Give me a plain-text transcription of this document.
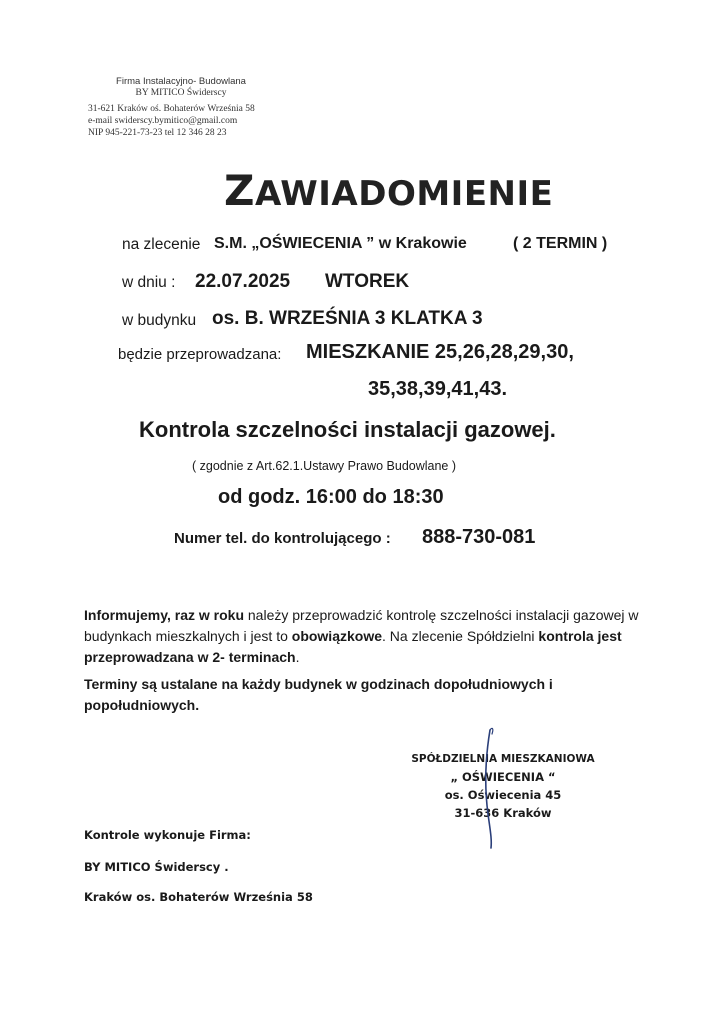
Firma Instalacyjno- Budowlana
BY MITICO Świderscy
31-621 Kraków oś. Bohaterów Września 58
e-mail swiderscy.bymitico@gmail.com
NIP 945-221-73-23 tel 12 346 28 23
ZAWIADOMIENIE
na zlecenie S.M. „OŚWIECENIA ” w Krakowie	( 2 TERMIN )
w dniu : 22.07.2025 WTOREK
w budynku os. B. WRZEŚNIA 3 KLATKA 3
będzie przeprowadzana: MIESZKANIE 25,26,28,29,30,
35,38,39,41,43.
Kontrola szczelności instalacji gazowej.
( zgodnie z Art.62.1.Ustawy Prawo Budowlane )
od godz. 16:00 do 18:30
Numer tel. do kontrolującego : 888-730-081
Informujemy, raz w roku należy przeprowadzić kontrolę szczelności instalacji gazowej w budynkach mieszkalnych i jest to obowiązkowe. Na zlecenie Spółdzielni kontrola jest przeprowadzana w 2- terminach.
Terminy są ustalane na każdy budynek w godzinach dopołudniowych i popołudniowych.
SPÓŁDZIELNIA MIESZKANIOWA
„ OŚWIECENIA “
os. Oświecenia 45
31-636 Kraków
Kontrole wykonuje Firma:
BY MITICO Świderscy .
Kraków os. Bohaterów Września 58
